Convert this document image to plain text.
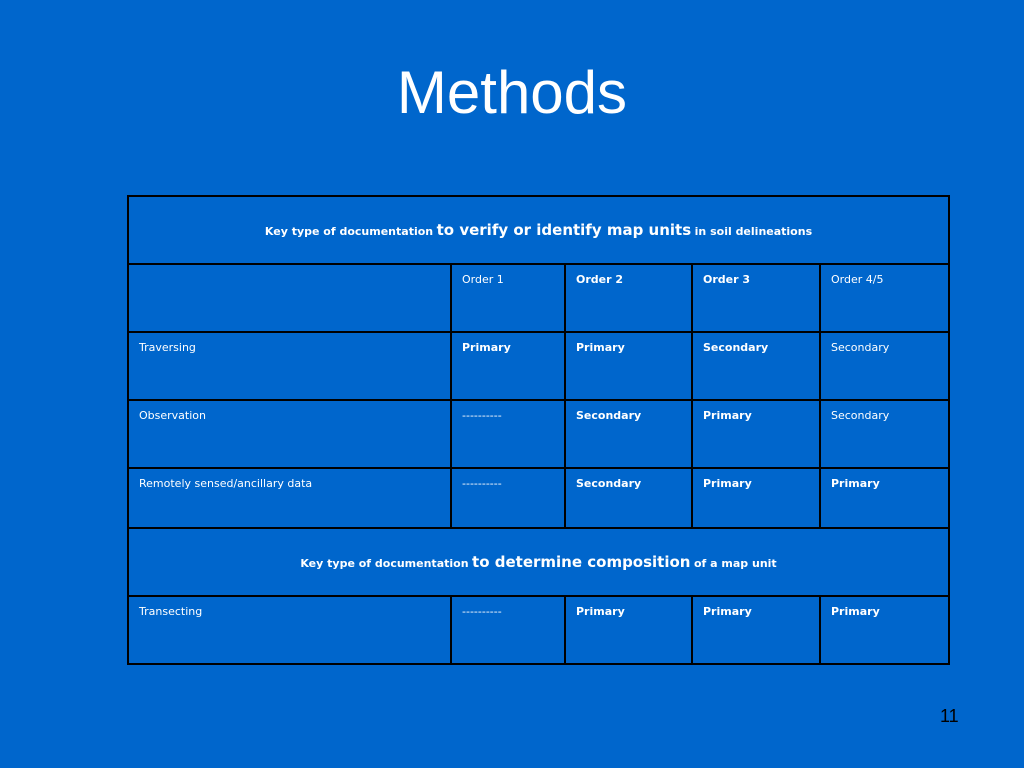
Methods
Key type of documentation to verify or identify map units in soil delineations				
	Order 1	Order 2	Order 3	Order 4/5
Traversing	Primary	Primary	Secondary	Secondary
Observation	----------	Secondary	Primary	Secondary
Remotely sensed/ancillary data	----------	Secondary	Primary	Primary
Key type of documentation to determine composition of a map unit				
Transecting	----------	Primary	Primary	Primary
11
